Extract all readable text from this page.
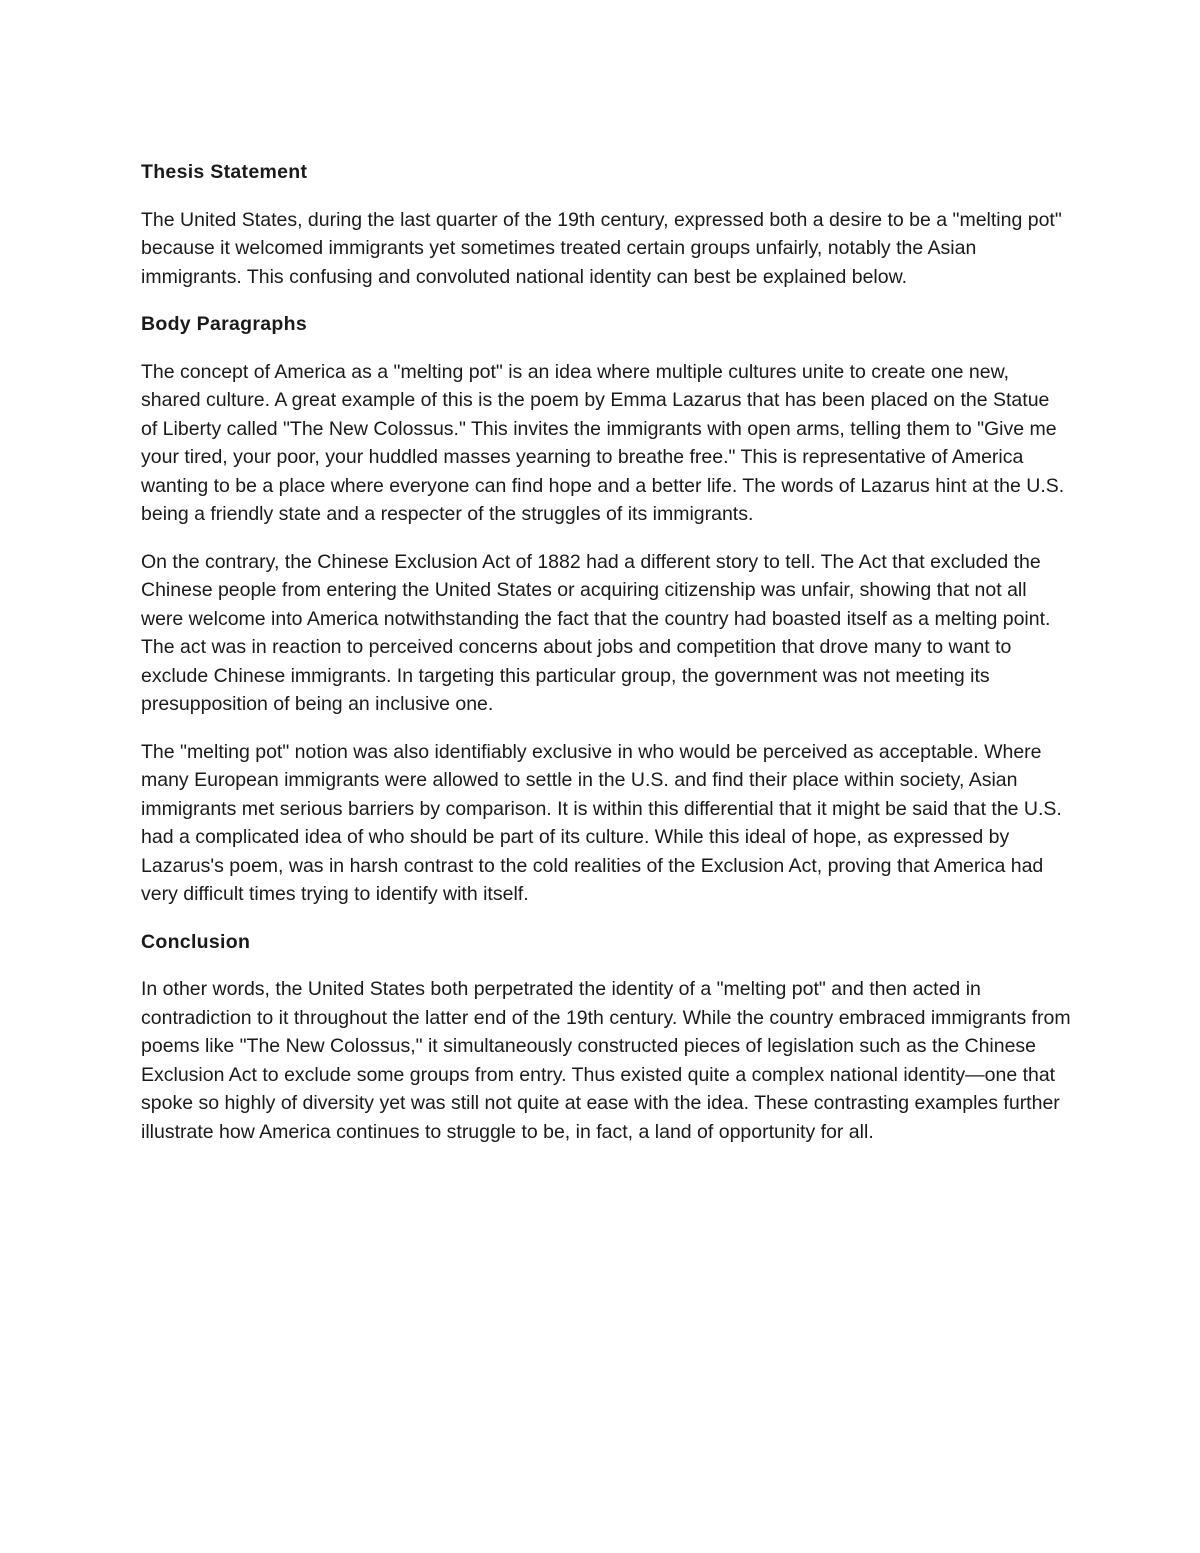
Thesis Statement

The United States, during the last quarter of the 19th century, expressed both a desire to be a "melting pot" because it welcomed immigrants yet sometimes treated certain groups unfairly, notably the Asian immigrants. This confusing and convoluted national identity can best be explained below.

Body Paragraphs

The concept of America as a "melting pot" is an idea where multiple cultures unite to create one new, shared culture. A great example of this is the poem by Emma Lazarus that has been placed on the Statue of Liberty called "The New Colossus." This invites the immigrants with open arms, telling them to "Give me your tired, your poor, your huddled masses yearning to breathe free." This is representative of America wanting to be a place where everyone can find hope and a better life. The words of Lazarus hint at the U.S. being a friendly state and a respecter of the struggles of its immigrants.

On the contrary, the Chinese Exclusion Act of 1882 had a different story to tell. The Act that excluded the Chinese people from entering the United States or acquiring citizenship was unfair, showing that not all were welcome into America notwithstanding the fact that the country had boasted itself as a melting point. The act was in reaction to perceived concerns about jobs and competition that drove many to want to exclude Chinese immigrants. In targeting this particular group, the government was not meeting its presupposition of being an inclusive one.

The "melting pot" notion was also identifiably exclusive in who would be perceived as acceptable. Where many European immigrants were allowed to settle in the U.S. and find their place within society, Asian immigrants met serious barriers by comparison. It is within this differential that it might be said that the U.S. had a complicated idea of who should be part of its culture. While this ideal of hope, as expressed by Lazarus's poem, was in harsh contrast to the cold realities of the Exclusion Act, proving that America had very difficult times trying to identify with itself.

Conclusion

In other words, the United States both perpetrated the identity of a "melting pot" and then acted in contradiction to it throughout the latter end of the 19th century. While the country embraced immigrants from poems like "The New Colossus," it simultaneously constructed pieces of legislation such as the Chinese Exclusion Act to exclude some groups from entry. Thus existed quite a complex national identity—one that spoke so highly of diversity yet was still not quite at ease with the idea. These contrasting examples further illustrate how America continues to struggle to be, in fact, a land of opportunity for all.
